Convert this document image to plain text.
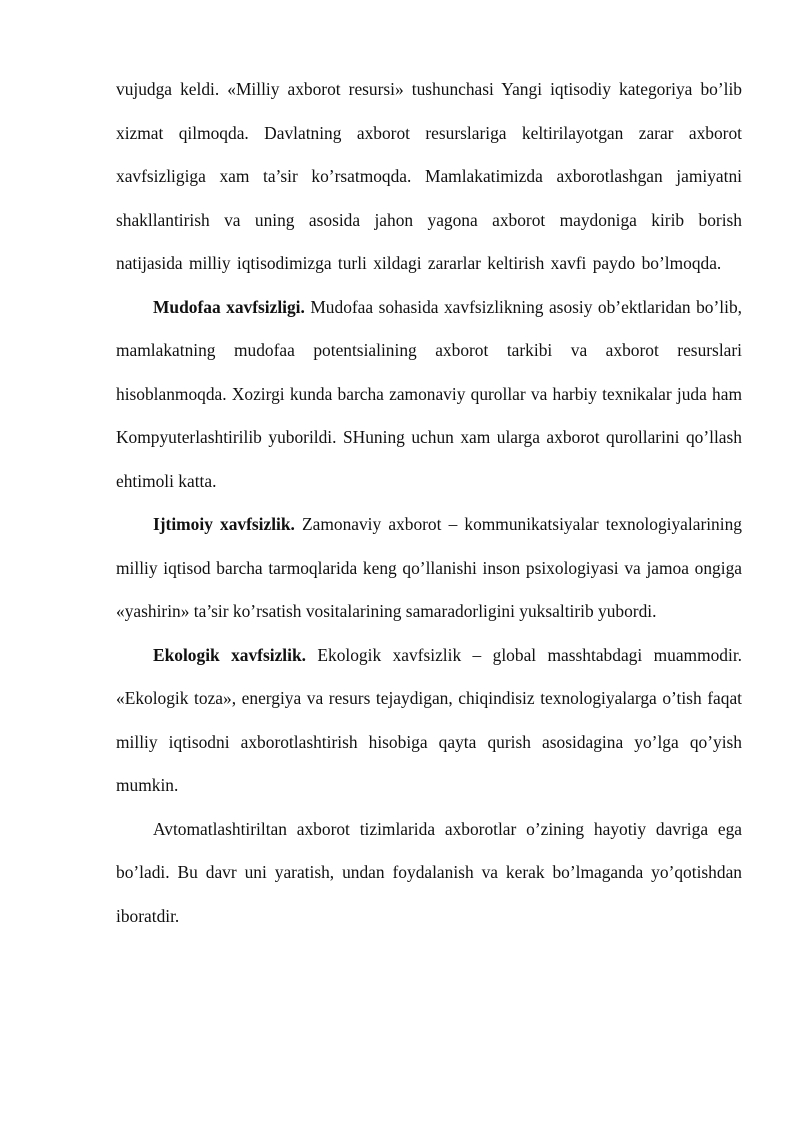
vujudga keldi. «Milliy axborot resursi» tushunchasi Yangi iqtisodiy kategoriya bo’lib xizmat qilmoqda. Davlatning axborot resurslariga keltirilayotgan zarar axborot xavfsizligiga xam ta’sir ko’rsatmoqda. Mamlakatimizda axborotlashgan jamiyatni shakllantirish va uning asosida jahon yagona axborot maydoniga kirib borish natijasida milliy iqtisodimizga turli xildagi zararlar keltirish xavfi paydo bo’lmoqda.

Mudofaa xavfsizligi. Mudofaa sohasida xavfsizlikning asosiy ob’ektlaridan bo’lib, mamlakatning mudofaa potentsialining axborot tarkibi va axborot resurslari hisoblanmoqda. Xozirgi kunda barcha zamonaviy qurollar va harbiy texnikalar juda ham Kompyuterlashtirilib yuborildi. SHuning uchun xam ularga axborot qurollarini qo’llash ehtimoli katta.

Ijtimoiy xavfsizlik. Zamonaviy axborot – kommunikatsiyalar texnologiyalarining milliy iqtisod barcha tarmoqlarida keng qo’llanishi inson psixologiyasi va jamoa ongiga «yashirin» ta’sir ko’rsatish vositalarining samaradorligini yuksaltirib yubordi.

Ekologik xavfsizlik. Ekologik xavfsizlik – global masshtabdagi muammodir. «Ekologik toza», energiya va resurs tejaydigan, chiqindisiz texnologiyalarga o’tish faqat milliy iqtisodni axborotlashtirish hisobiga qayta qurish asosidagina yo’lga qo’yish mumkin.

Avtomatlashtiriltan axborot tizimlarida axborotlar o’zining hayotiy davriga ega bo’ladi. Bu davr uni yaratish, undan foydalanish va kerak bo’lmaganda yo’qotishdan iboratdir.
